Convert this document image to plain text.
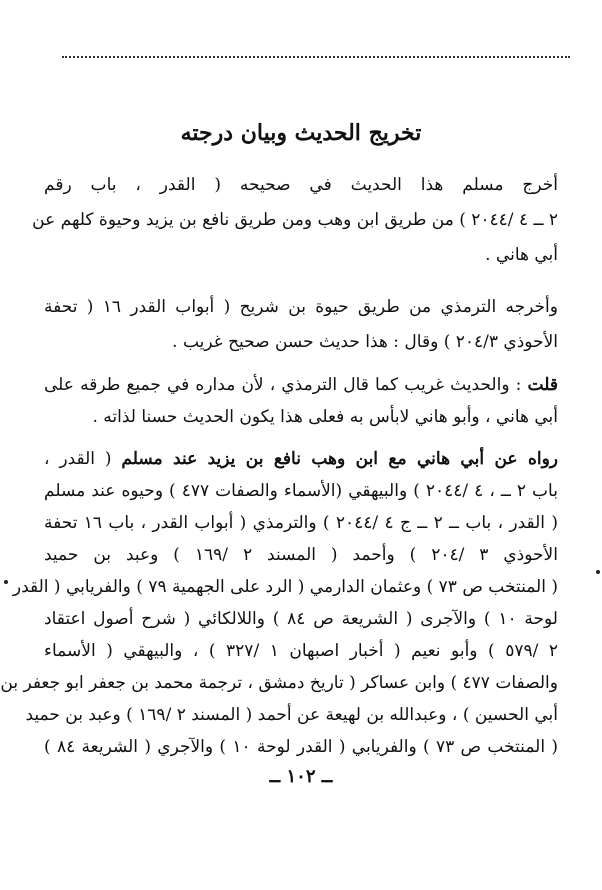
تخريج الحديث وبيان درجته
أخرج مسلم هذا الحديث في صحيحه ( القدر ، باب رقم
٢ ــ ٤ /٢٠٤٤ ) من طريق ابن وهب ومن طريق نافع بن يزيد وحيوة كلهم عن
أبي هاني .
وأخرجه الترمذي من طريق حيوة بن شريح ( أبواب القدر ١٦ ( تحفة
الأحوذي ٢٠٤/٣ ) وقال : هذا حديث حسن صحيح غريب .
قلت : والحديث غريب كما قال الترمذي ، لأن مداره في جميع طرقه على
أبي هاني ، وأبو هاني لابأس به فعلى هذا يكون الحديث حسنا لذاته .
رواه عن أبي هاني مع ابن وهب نافع بن يزيد عند مسلم ( القدر ،
باب ٢ ــ ، ٤ /٢٠٤٤ ) والبيهقي (الأسماء والصفات ٤٧٧ ) وحيوه عند مسلم
( القدر ، باب ــ ٢ ــ ج ٤ /٢٠٤٤ ) والترمذي ( أبواب القدر ، باب ١٦ تحفة
الأحوذي ٣ /٢٠٤ ) وأحمد ( المسند ٢ /١٦٩ ) وعبد بن حميد
( المنتخب ص ٧٣ ) وعثمان الدارمي ( الرد على الجهمية ٧٩ ) والفريابي ( القدر
لوحة ١٠ ) والآجرى ( الشريعة ص ٨٤ ) واللالكائي ( شرح أصول اعتقاد
٢ /٥٧٩ ) وأبو نعيم ( أخبار اصبهان ١ /٣٢٧ ) ، والبيهقي ( الأسماء
والصفات ٤٧٧ ) وابن عساكر ( تاريخ دمشق ، ترجمة محمد بن جعفر ابو جعفر بن
أبي الحسين ) ، وعبدالله بن لهيعة عن أحمد ( المسند ٢ /١٦٩ ) وعبد بن حميد
( المنتخب ص ٧٣ ) والفريابي ( القدر لوحة ١٠ ) والآجري ( الشريعة ٨٤ )
ــ ١٠٢ ــ
